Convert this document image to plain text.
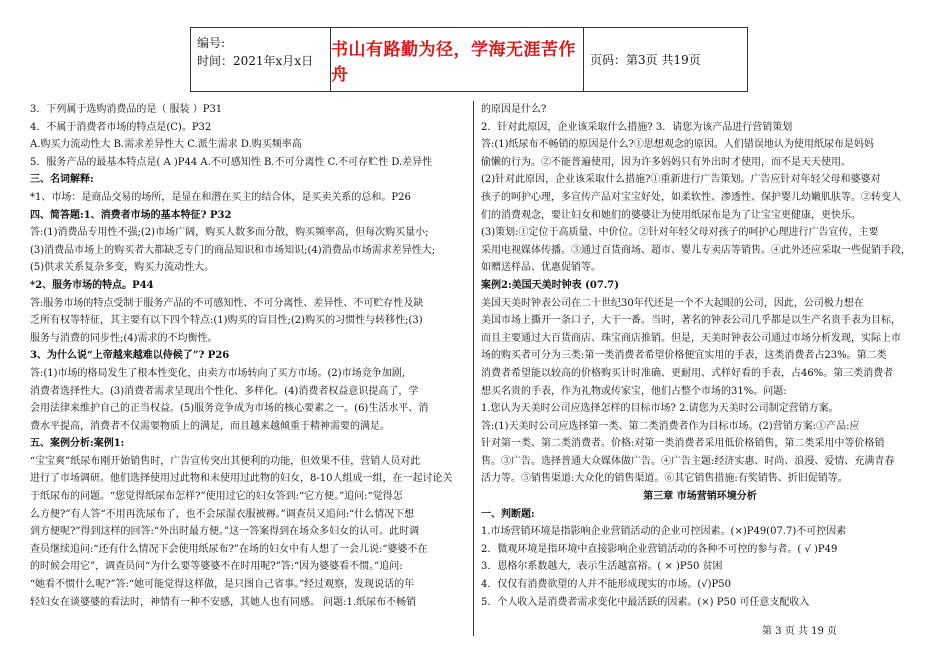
编号:
时间：2021年x月x日
书山有路勤为径，学海无涯苦作舟
页码：第3页 共19页
3．下列属于选购消费品的是（ 服装 ）P31
4．不属于消费者市场的特点是(C)。P32
A.购买力流动性大 B.需求差异性大 C.派生需求 D.购买频率高
5．服务产品的最基本特点是( A )P44 A.不可感知性 B.不可分离性 C.不可存贮性 D.差异性
三、名词解释:
*1、市场：是商品交易的场所，是显在和潜在买主的结合体，是买卖关系的总和。P26
四、简答题:1、消费者市场的基本特征? P32
答:(1)消费品专用性不强;(2)市场广阔，购买人数多而分散，购买频率高，但每次购买量小;
(3)消费品市场上的购买者大都缺乏专门的商品知识和市场知识;(4)消费品市场需求差异性大;
(5)供求关系复杂多变，购买力流动性大。
*2、服务市场的特点。P44
答:服务市场的特点受制于服务产品的不可感知性、不可分离性、差异性、不可贮存性及缺
乏所有权等特征，其主要有以下四个特点:(1)购买的盲目性;(2)购买的习惯性与转移性;(3)
服务与消费的同步性;(4)需求的不均衡性。
3、为什么说“上帝越来越难以侍候了”? P26
答:(1)市场的格局发生了根本性变化，由卖方市场转向了买方市场。(2)市场竞争加剧,
消费者选择性大。(3)消费者需求呈现出个性化、多样化。(4)消费者权益意识提高了，学
会用法律来维护自己的正当权益。(5)服务竞争成为市场的核心要素之一。(6)生活水平、消
费水平提高，消费者不仅需要物质上的满足，而且越来越倾重于精神需要的满足。
五、案例分析:案例1:
“宝宝爽”纸尿布刚开始销售时，广告宣传突出其便利的功能，但效果不佳，营销人员对此
进行了市场调研。他们选择使用过此物和未使用过此物的妇女，8-10人组成一组，在一起讨论关
于纸尿布的问题。“您觉得纸尿布怎样?”使用过它的妇女答到:“它方便。”追问:“觉得怎
么方便?”有人答“不用再洗尿布了，也不会尿湿衣服被褥。”调查员又追问:“什么情况下想
到方便呢?”得到这样的回答:“外出时最方便。”这一答案得到在场众多妇女的认可。此时调
查员继续追问:“还有什么情况下会使用纸尿布?”在场的妇女中有人想了一会儿说:“婆婆不在
的时候会用它”，调查员问“为什么要等婆婆不在时用呢?”答:“因为婆婆看不惯。”追问:
“她看不惯什么呢?”答:“她可能觉得这样做，是只图自己省事。”经过观察，发现说话的年
轻妇女在谈婆婆的看法时，神情有一种不安感，其她人也有同感。 问题:1.纸尿布不畅销
的原因是什么?
2．针对此原因，企业该采取什么措施? 3．请您为该产品进行营销策划
答:(1)纸尿布不畅销的原因是什么?①思想观念的原因。人们错误地认为使用纸尿布是妈妈
偷懒的行为。②不能普遍使用，因为许多妈妈只有外出时才使用，而不是天天使用。
(2)针对此原因，企业该采取什么措施?①重新进行广告策划。广告应针对年轻父母和婆婆对
孩子的呵护心理，多宣传产品对宝宝好处，如柔软性、渗透性、保护婴儿幼嫩肌肤等。②转变人
们的消费观念，要让妇女和她们的婆婆让为使用纸尿布是为了让宝宝更健康，更快乐。
(3)策划:①定位于高质量、中价位。②针对年轻父母对孩子的呵护心理进行广告宣传，主要
采用电视媒体传播。③通过百货商场、超市、婴儿专卖店等销售。④此外还应采取一些促销手段，
如赠送样品、优惠促销等。
案例2:美国天美时钟表 (07.7)
美国天美时钟表公司在二十世纪30年代还是一个不大起眼的公司，因此，公司极力想在
美国市场上撕开一条口子，大干一番。当时，著名的钟表公司几乎都是以生产名贵手表为目标，
而且主要通过大百货商店、珠宝商店推销。但是，天美时钟表公司通过市场分析发现，实际上市
场的购买者可分为三类:第一类消费者希望价格便宜实用的手表，这类消费者占23%。第二类
消费者希望能以较高的价格购买计时准确、更耐用、式样好看的手表，占46%。第三类消费者
想买名贵的手表，作为礼物或传家宝，他们占整个市场的31%。问题:
1.您认为天美时公司应选择怎样的目标市场? 2.请您为天美时公司制定营销方案。
答:(1)天美时公司应选择第一类、第二类消费者作为目标市场。(2)营销方案:①产品:应
针对第一类、第二类消费者。价格:对第一类消费者采用低价格销售，第二类采用中等价格销
售。③广告。选择普通大众媒体做广告。④广告主题:经济实惠、时尚、浪漫、爱情、充满青春
活力等。⑤销售渠道:大众化的销售渠道。⑥其它销售措施:有奖销售、折旧促销等。
第三章 市场营销环境分析
一、判断题:
1.市场营销环境是指影响企业营销活动的企业可控因素。(×)P49(07.7)不可控因素
2．微观环境是指环境中直接影响企业营销活动的各种不可控的参与者。( √ )P49
3．恩格尔系数越大，表示生活越富裕。( × )P50 贫困
4．仅仅有消费欲望的人并不能形成现实的市场。(√)P50
5．个人收入是消费者需求变化中最活跃的因素。(×) P50 可任意支配收入
第 3 页 共 19 页
